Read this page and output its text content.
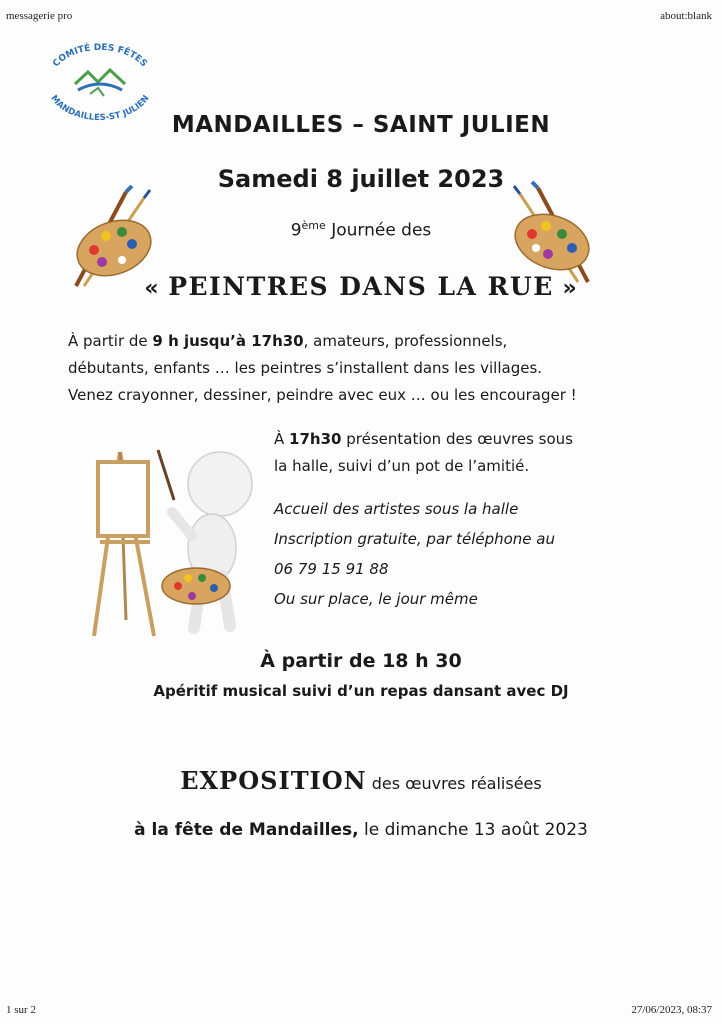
messagerie pro	about:blank
COMITÉ DES FÊTES
MANDAILLES-ST JULIEN
MANDAILLES – SAINT JULIEN
Samedi 8 juillet 2023
9ème Journée des
« PEINTRES DANS LA RUE »
À partir de 9 h jusqu’à 17h30, amateurs, professionnels,
débutants, enfants … les peintres s’installent dans les villages.
Venez crayonner, dessiner, peindre avec eux … ou les encourager !
À 17h30 présentation des œuvres sous
la halle, suivi d’un pot de l’amitié.
Accueil des artistes sous la halle
Inscription gratuite, par téléphone au
06 79 15 91 88
Ou sur place, le jour même
À partir de 18 h 30
Apéritif musical suivi d’un repas dansant avec DJ
EXPOSITION des œuvres réalisées
à la fête de Mandailles, le dimanche 13 août 2023
1 sur 2	27/06/2023, 08:37
